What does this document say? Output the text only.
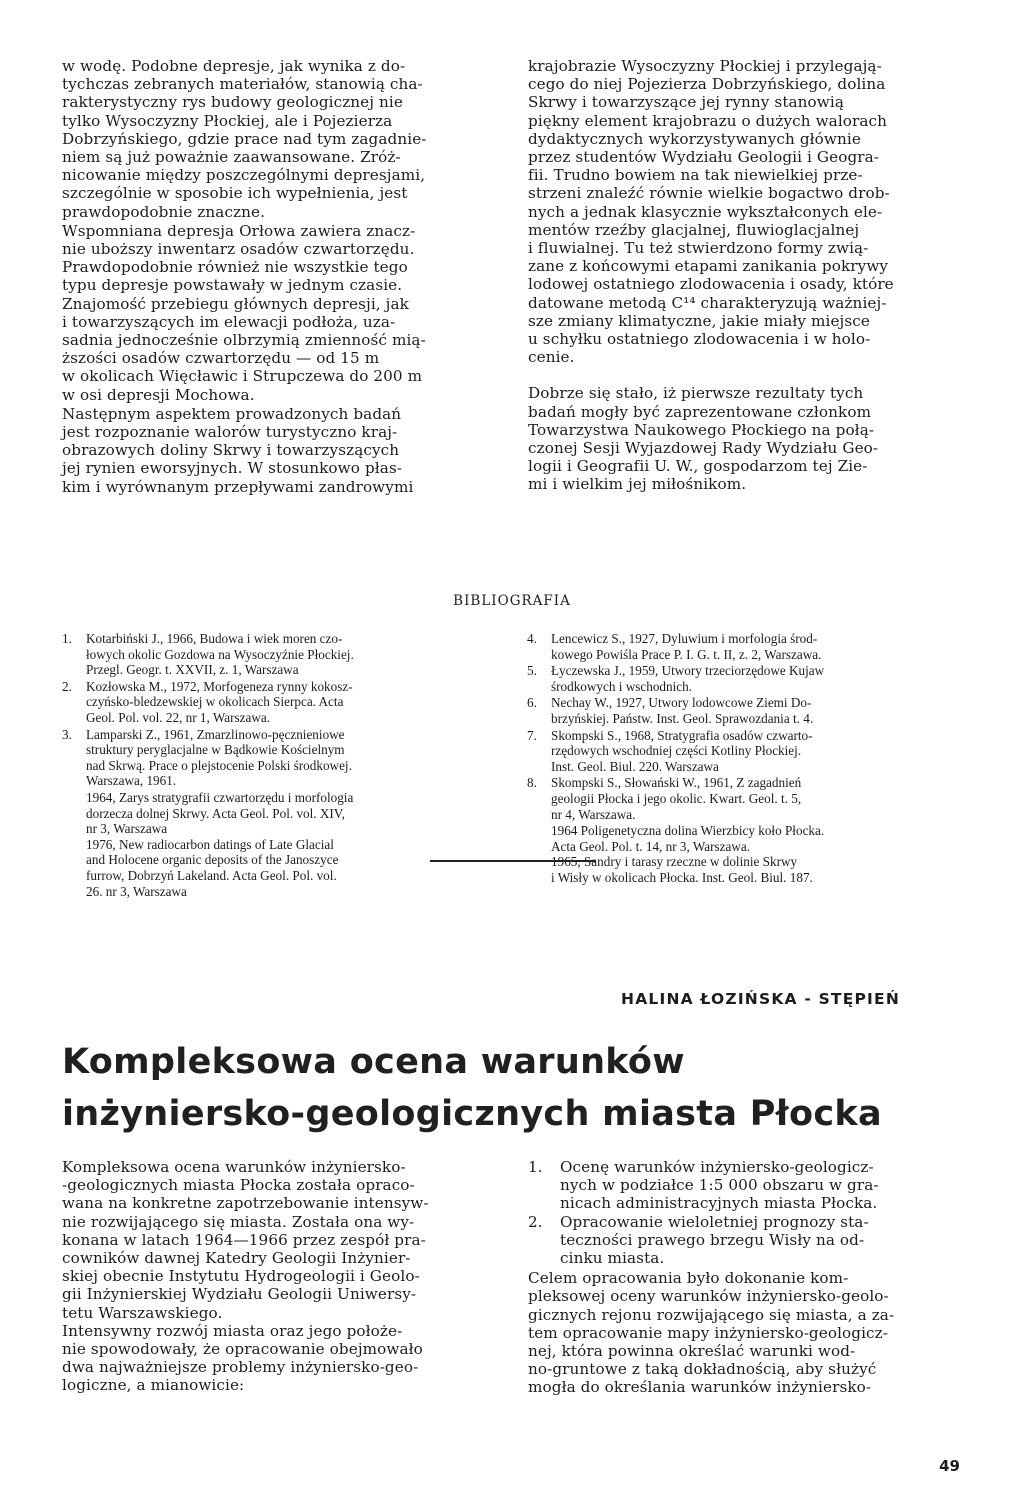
w wodę. Podobne depresje, jak wynika z do-
tychczas zebranych materiałów, stanowią cha-
rakterystyczny rys budowy geologicznej nie
tylko Wysoczyzny Płockiej, ale i Pojezierza
Dobrzyńskiego, gdzie prace nad tym zagadnie-
niem są już poważnie zaawansowane. Zróż-
nicowanie między poszczególnymi depresjami,
szczególnie w sposobie ich wypełnienia, jest
prawdopodobnie znaczne.

Wspomniana depresja Orłowa zawiera znacz-
nie uboższy inwentarz osadów czwartorzędu.
Prawdopodobnie również nie wszystkie tego
typu depresje powstawały w jednym czasie.
Znajomość przebiegu głównych depresji, jak
i towarzyszących im elewacji podłoża, uza-
sadnia jednocześnie olbrzymią zmienność mią-
ższości osadów czwartorzędu — od 15 m
w okolicach Więcławic i Strupczewa do 200 m
w osi depresji Mochowa.

Następnym aspektem prowadzonych badań
jest rozpoznanie walorów turystyczno kraj-
obrazowych doliny Skrwy i towarzyszących
jej rynien eworsyjnych. W stosunkowo płas-
kim i wyrównanym przepływami zandrowymi

krajobrazie Wysoczyzny Płockiej i przylegają-
cego do niej Pojezierza Dobrzyńskiego, dolina
Skrwy i towarzyszące jej rynny stanowią
piękny element krajobrazu o dużych walorach
dydaktycznych wykorzystywanych głównie
przez studentów Wydziału Geologii i Geogra-
fii. Trudno bowiem na tak niewielkiej prze-
strzeni znaleźć równie wielkie bogactwo drob-
nych a jednak klasycznie wykształconych ele-
mentów rzeźby glacjalnej, fluwioglacjalnej
i fluwialnej. Tu też stwierdzono formy zwią-
zane z końcowymi etapami zanikania pokrywy
lodowej ostatniego zlodowacenia i osady, które
datowane metodą C¹⁴ charakteryzują ważniej-
sze zmiany klimatyczne, jakie miały miejsce
u schyłku ostatniego zlodowacenia i w holo-
cenie.

Dobrze się stało, iż pierwsze rezultaty tych
badań mogły być zaprezentowane członkom
Towarzystwa Naukowego Płockiego na połą-
czonej Sesji Wyjazdowej Rady Wydziału Geo-
logii i Geografii U. W., gospodarzom tej Zie-
mi i wielkim jej miłośnikom.

BIBLIOGRAFIA
1.	Kotarbiński J., 1966, Budowa i wiek moren czo-
łowych okolic Gozdowa na Wysoczyźnie Płockiej.
Przegl. Geogr. t. XXVII, z. 1, Warszawa
2.	Kozłowska M., 1972, Morfogeneza rynny kokosz-
czyńsko-bledzewskiej w okolicach Sierpca. Acta
Geol. Pol. vol. 22, nr 1, Warszawa.
3.	Lamparski Z., 1961, Zmarzlinowo-pęcznieniowe
struktury peryglacjalne w Bądkowie Kościelnym
nad Skrwą. Prace o plejstocenie Polski środkowej.
Warszawa, 1961.
1964, Zarys stratygrafii czwartorzędu i morfologia
dorzecza dolnej Skrwy. Acta Geol. Pol. vol. XIV,
nr 3, Warszawa
1976, New radiocarbon datings of Late Glacial
and Holocene organic deposits of the Janoszyce
furrow, Dobrzyń Lakeland. Acta Geol. Pol. vol.
26. nr 3, Warszawa
4.	Lencewicz S., 1927, Dyluwium i morfologia środ-
kowego Powiśla Prace P. I. G. t. II, z. 2, Warszawa.
5.	Łyczewska J., 1959, Utwory trzeciorzędowe Kujaw
środkowych i wschodnich.
6.	Nechay W., 1927, Utwory lodowcowe Ziemi Do-
brzyńskiej. Państw. Inst. Geol. Sprawozdania t. 4.
7.	Skompski S., 1968, Stratygrafia osadów czwarto-
rzędowych wschodniej części Kotliny Płockiej.
Inst. Geol. Biul. 220. Warszawa
8.	Skompski S., Słowański W., 1961, Z zagadnień
geologii Płocka i jego okolic. Kwart. Geol. t. 5,
nr 4, Warszawa.
1964 Poligenetyczna dolina Wierzbicy koło Płocka.
Acta Geol. Pol. t. 14, nr 3, Warszawa.
1965, Sandry i tarasy rzeczne w dolinie Skrwy
i Wisły w okolicach Płocka. Inst. Geol. Biul. 187.
HALINA ŁOZIŃSKA - STĘPIEŃ
Kompleksowa ocena warunków
inżyniersko-geologicznych miasta Płocka

Kompleksowa ocena warunków inżyniersko-
-geologicznych miasta Płocka została opraco-
wana na konkretne zapotrzebowanie intensyw-
nie rozwijającego się miasta. Została ona wy-
konana w latach 1964—1966 przez zespół pra-
cowników dawnej Katedry Geologii Inżynier-
skiej obecnie Instytutu Hydrogeologii i Geolo-
gii Inżynierskiej Wydziału Geologii Uniwersy-
tetu Warszawskiego.

Intensywny rozwój miasta oraz jego położe-
nie spowodowały, że opracowanie obejmowało
dwa najważniejsze problemy inżyniersko-geo-
logiczne, a mianowicie:

1.	Ocenę warunków inżyniersko-geologicz-
nych w podziałce 1:5 000 obszaru w gra-
nicach administracyjnych miasta Płocka.
2.	Opracowanie wieloletniej prognozy sta-
teczności prawego brzegu Wisły na od-
cinku miasta.

Celem opracowania było dokonanie kom-
pleksowej oceny warunków inżyniersko-geolo-
gicznych rejonu rozwijającego się miasta, a za-
tem opracowanie mapy inżyniersko-geologicz-
nej, która powinna określać warunki wod-
no-gruntowe z taką dokładnością, aby służyć
mogła do określania warunków inżyniersko-

49
